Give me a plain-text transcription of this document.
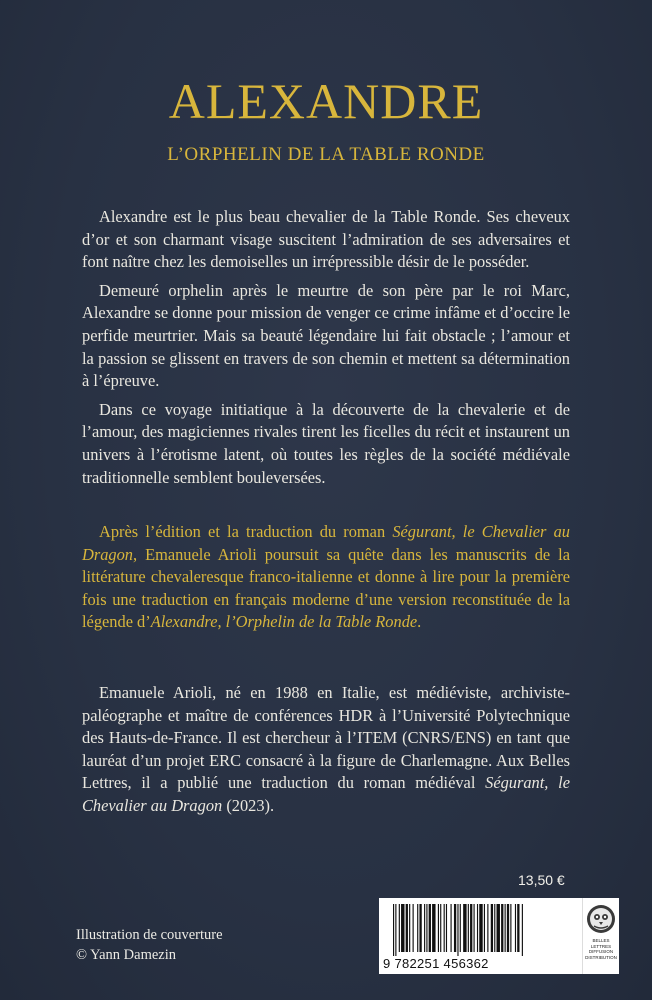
ALEXANDRE
L’ORPHELIN DE LA TABLE RONDE

Alexandre est le plus beau chevalier de la Table Ronde. Ses cheveux d’or et son charmant visage suscitent l’admiration de ses adversaires et font naître chez les demoiselles un irrépressible désir de le posséder.

Demeuré orphelin après le meurtre de son père par le roi Marc, Alexandre se donne pour mission de venger ce crime infâme et d’occire le perfide meurtrier. Mais sa beauté légendaire lui fait obstacle ; l’amour et la passion se glissent en travers de son chemin et mettent sa détermination à l’épreuve.

Dans ce voyage initiatique à la découverte de la chevalerie et de l’amour, des magiciennes rivales tirent les ficelles du récit et instaurent un univers à l’érotisme latent, où toutes les règles de la société médiévale traditionnelle semblent bouleversées.

Après l’édition et la traduction du roman Ségurant, le Chevalier au Dragon, Emanuele Arioli poursuit sa quête dans les manuscrits de la littérature chevaleresque franco-italienne et donne à lire pour la première fois une traduction en français moderne d’une version reconstituée de la légende d’Alexandre, l’Orphelin de la Table Ronde.

Emanuele Arioli, né en 1988 en Italie, est médiéviste, archiviste-paléographe et maître de conférences HDR à l’Université Polytechnique des Hauts-de-France. Il est chercheur à l’ITEM (CNRS/ENS) en tant que lauréat d’un projet ERC consacré à la figure de Charlemagne. Aux Belles Lettres, il a publié une traduction du roman médiéval Ségurant, le Chevalier au Dragon (2023).

13,50 €
9 782251 456362
BELLES LETTRES
DIFFUSION
DISTRIBUTION
Illustration de couverture
© Yann Damezin
